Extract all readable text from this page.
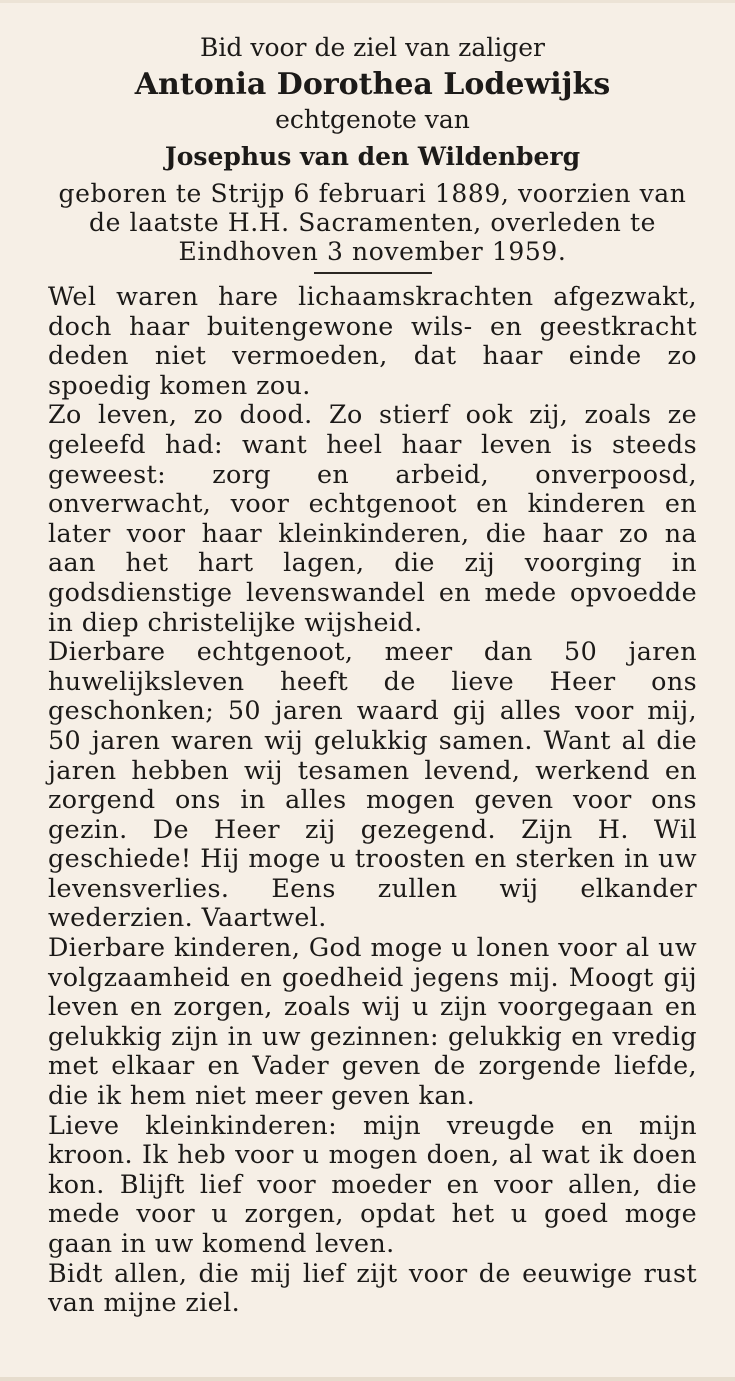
Bid voor de ziel van zaliger
Antonia Dorothea Lodewijks
echtgenote van
Josephus van den Wildenberg
geboren te Strijp 6 februari 1889, voorzien van de laatste H.H. Sacramenten, overleden te Eindhoven 3 november 1959.

Wel waren hare lichaamskrachten afgezwakt, doch haar buitengewone wils- en geestkracht deden niet vermoeden, dat haar einde zo spoedig komen zou.

Zo leven, zo dood. Zo stierf ook zij, zoals ze geleefd had: want heel haar leven is steeds geweest: zorg en arbeid, onverpoosd, onverwacht, voor echtgenoot en kinderen en later voor haar kleinkinderen, die haar zo na aan het hart lagen, die zij voorging in godsdienstige levenswandel en mede opvoedde in diep christelijke wijsheid.

Dierbare echtgenoot, meer dan 50 jaren huwelijksleven heeft de lieve Heer ons geschonken; 50 jaren waard gij alles voor mij, 50 jaren waren wij gelukkig samen. Want al die jaren hebben wij tesamen levend, werkend en zorgend ons in alles mogen geven voor ons gezin. De Heer zij gezegend. Zijn H. Wil geschiede! Hij moge u troosten en sterken in uw levensverlies. Eens zullen wij elkander wederzien. Vaartwel.

Dierbare kinderen, God moge u lonen voor al uw volgzaamheid en goedheid jegens mij. Moogt gij leven en zorgen, zoals wij u zijn voorgegaan en gelukkig zijn in uw gezinnen: gelukkig en vredig met elkaar en Vader geven de zorgende liefde, die ik hem niet meer geven kan.

Lieve kleinkinderen: mijn vreugde en mijn kroon. Ik heb voor u mogen doen, al wat ik doen kon. Blijft lief voor moeder en voor allen, die mede voor u zorgen, opdat het u goed moge gaan in uw komend leven.

Bidt allen, die mij lief zijt voor de eeuwige rust van mijne ziel.
